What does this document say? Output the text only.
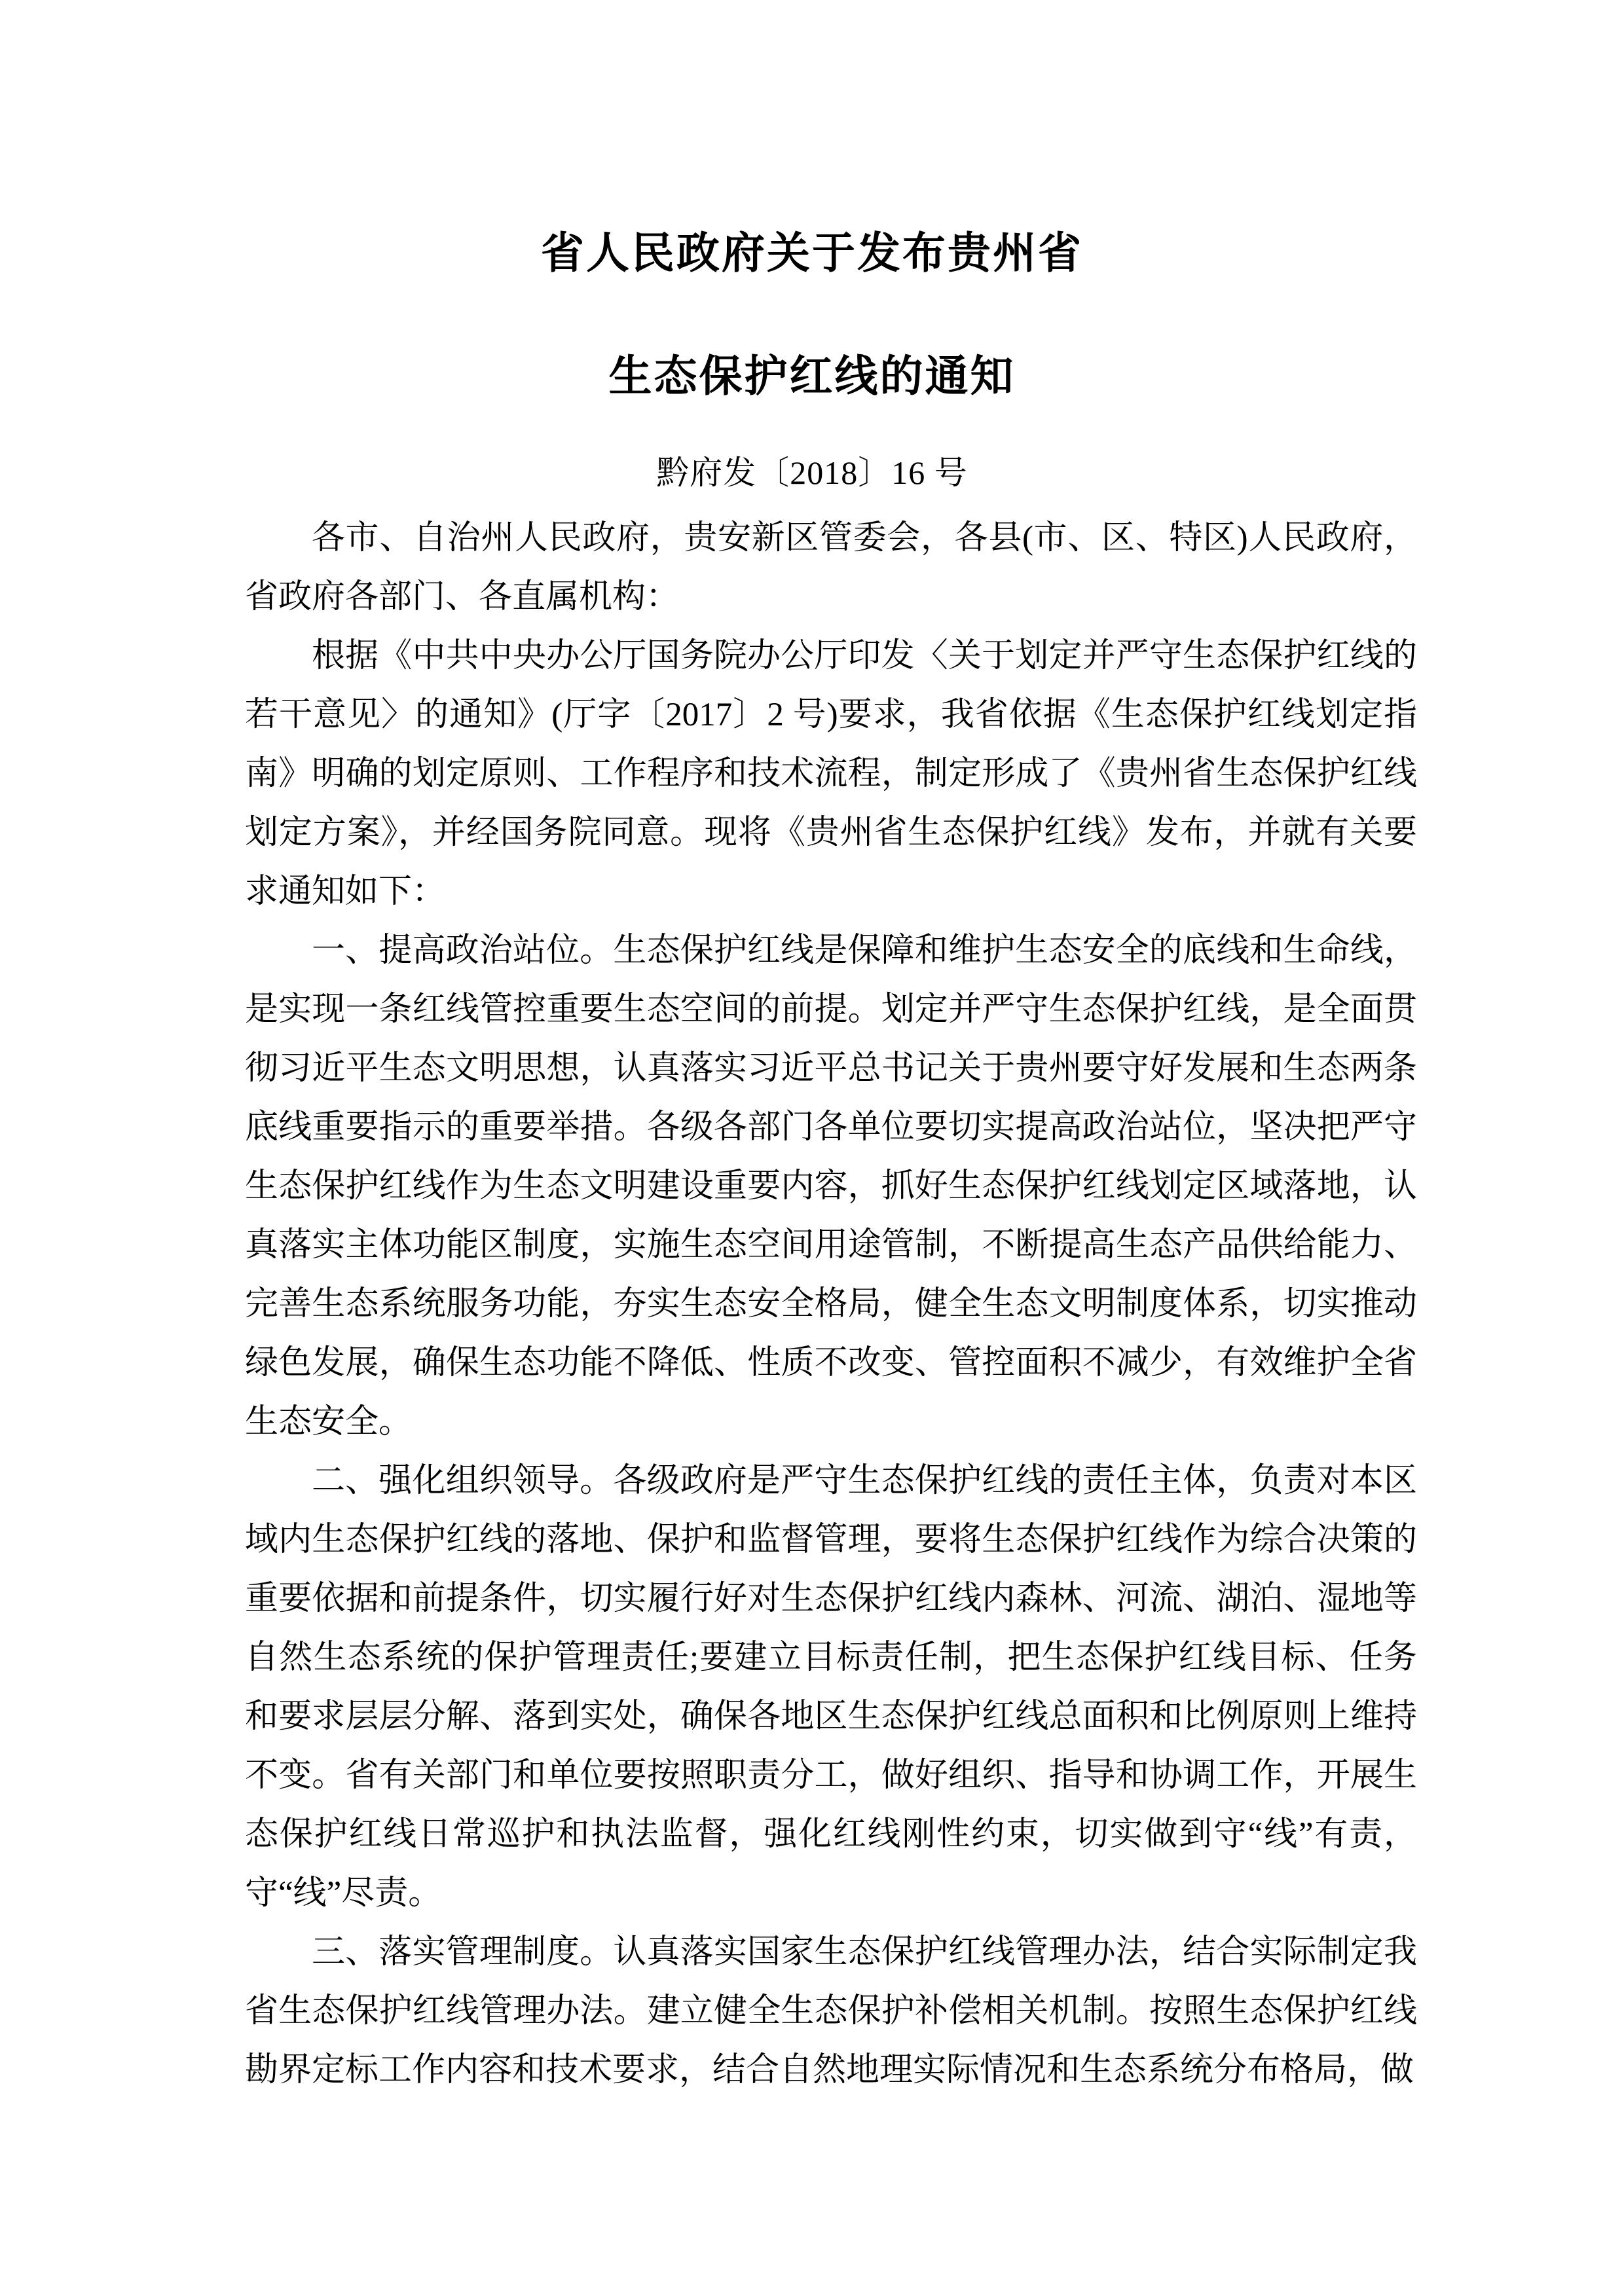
省人民政府关于发布贵州省
生态保护红线的通知
黔府发〔2018〕16 号

各市、自治州人民政府，贵安新区管委会，各县(市、区、特区)人民政府，省政府各部门、各直属机构：

根据《中共中央办公厅国务院办公厅印发〈关于划定并严守生态保护红线的若干意见〉的通知》(厅字〔2017〕2 号)要求，我省依据《生态保护红线划定指南》明确的划定原则、工作程序和技术流程，制定形成了《贵州省生态保护红线划定方案》，并经国务院同意。现将《贵州省生态保护红线》发布，并就有关要求通知如下：

一、提高政治站位。生态保护红线是保障和维护生态安全的底线和生命线，是实现一条红线管控重要生态空间的前提。划定并严守生态保护红线，是全面贯彻习近平生态文明思想，认真落实习近平总书记关于贵州要守好发展和生态两条底线重要指示的重要举措。各级各部门各单位要切实提高政治站位，坚决把严守生态保护红线作为生态文明建设重要内容，抓好生态保护红线划定区域落地，认真落实主体功能区制度，实施生态空间用途管制，不断提高生态产品供给能力、完善生态系统服务功能，夯实生态安全格局，健全生态文明制度体系，切实推动绿色发展，确保生态功能不降低、性质不改变、管控面积不减少，有效维护全省生态安全。

二、强化组织领导。各级政府是严守生态保护红线的责任主体，负责对本区域内生态保护红线的落地、保护和监督管理，要将生态保护红线作为综合决策的重要依据和前提条件，切实履行好对生态保护红线内森林、河流、湖泊、湿地等自然生态系统的保护管理责任;要建立目标责任制，把生态保护红线目标、任务和要求层层分解、落到实处，确保各地区生态保护红线总面积和比例原则上维持不变。省有关部门和单位要按照职责分工，做好组织、指导和协调工作，开展生态保护红线日常巡护和执法监督，强化红线刚性约束，切实做到守“线”有责，守“线”尽责。

三、落实管理制度。认真落实国家生态保护红线管理办法，结合实际制定我省生态保护红线管理办法。建立健全生态保护补偿相关机制。按照生态保护红线勘界定标工作内容和技术要求，结合自然地理实际情况和生态系统分布格局，做
